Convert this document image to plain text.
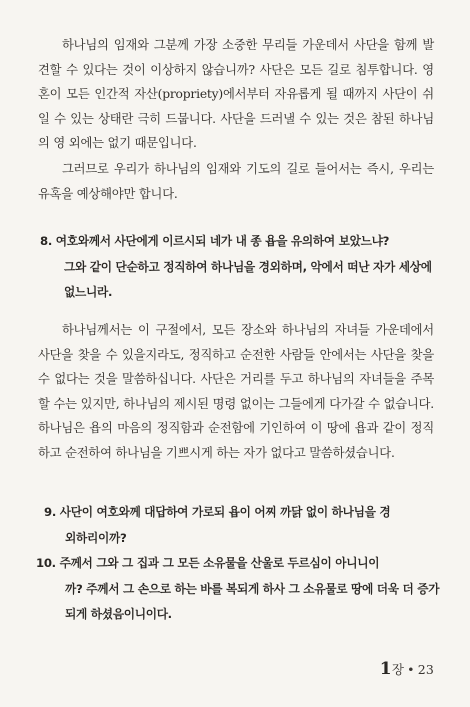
하나님의 임재와 그분께 가장 소중한 무리들 가운데서 사단을 함께 발견할 수 있다는 것이 이상하지 않습니까? 사단은 모든 길로 침투합니다. 영혼이 모든 인간적 자산(propriety)에서부터 자유롭게 될 때까지 사단이 쉬일 수 있는 상태란 극히 드뭅니다. 사단을 드러낼 수 있는 것은 참된 하나님의 영 외에는 없기 때문입니다.

그러므로 우리가 하나님의 임재와 기도의 길로 들어서는 즉시, 우리는 유혹을 예상해야만 합니다.

8. 여호와께서 사단에게 이르시되 네가 내 종 욥을 유의하여 보았느냐?
그와 같이 단순하고 정직하여 하나님을 경외하며, 악에서 떠난 자가 세상에 없느니라.

하나님께서는 이 구절에서, 모든 장소와 하나님의 자녀들 가운데에서 사단을 찾을 수 있을지라도, 정직하고 순전한 사람들 안에서는 사단을 찾을 수 없다는 것을 말씀하십니다. 사단은 거리를 두고 하나님의 자녀들을 주목할 수는 있지만, 하나님의 제시된 명령 없이는 그들에게 다가갈 수 없습니다. 하나님은 욥의 마음의 정직함과 순전함에 기인하여 이 땅에 욥과 같이 정직하고 순전하여 하나님을 기쁘시게 하는 자가 없다고 말씀하셨습니다.

9. 사단이 여호와께 대답하여 가로되 욥이 어찌 까닭 없이 하나님을 경
외하리이까?
10. 주께서 그와 그 집과 그 모든 소유물을 산울로 두르심이 아니니이
까? 주께서 그 손으로 하는 바를 복되게 하사 그 소유물로 땅에 더욱 더 증가되게 하셨음이니이다.
1장 • 23
